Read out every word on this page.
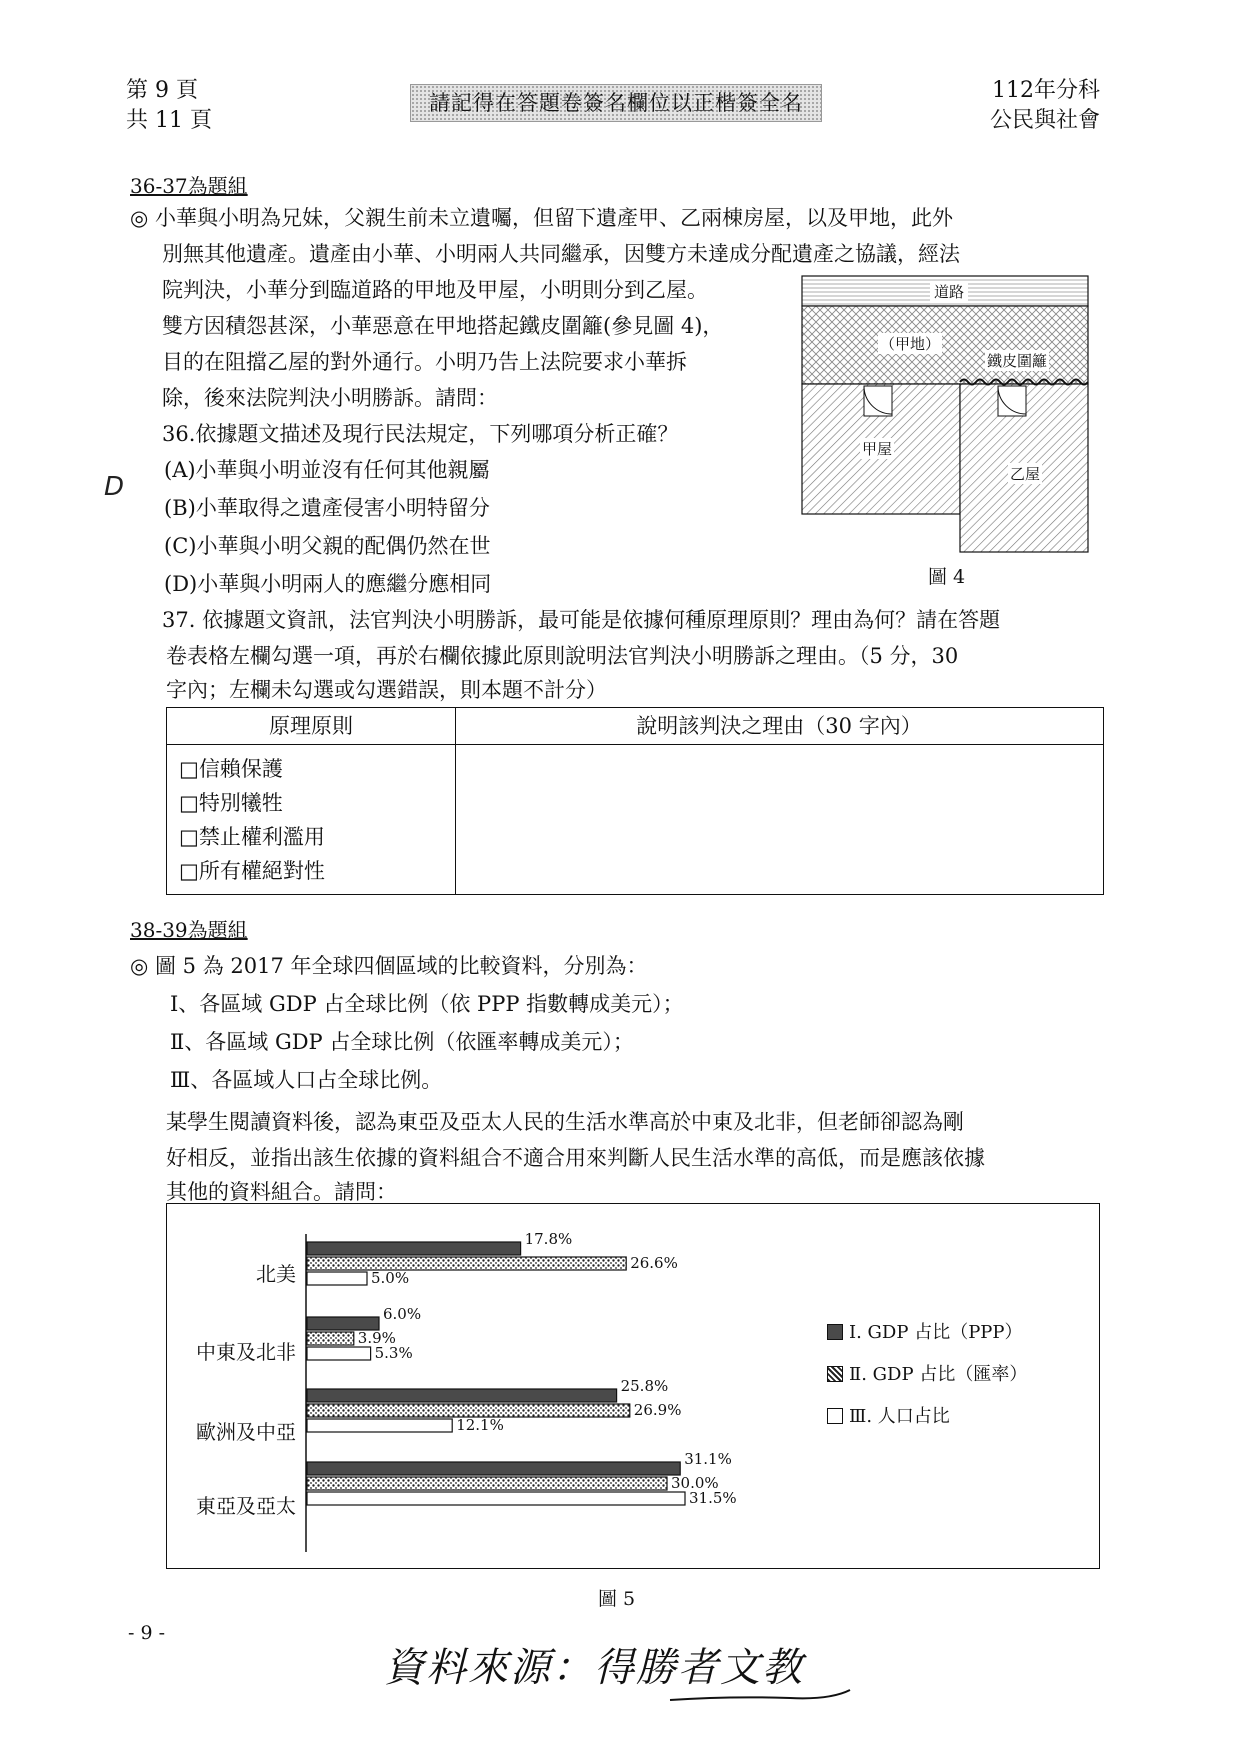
第 9 頁
共 11 頁
請記得在答題卷簽名欄位以正楷簽全名	112年分科
公民與社會
36-37為題組
◎ 小華與小明為兄妹，父親生前未立遺囑，但留下遺產甲、乙兩棟房屋，以及甲地，此外
別無其他遺產。遺產由小華、小明兩人共同繼承，因雙方未達成分配遺產之協議，經法
院判決，小華分到臨道路的甲地及甲屋，小明則分到乙屋。
雙方因積怨甚深，小華惡意在甲地搭起鐵皮圍籬(參見圖 4)，
目的在阻擋乙屋的對外通行。小明乃告上法院要求小華拆
除，後來法院判決小明勝訴。請問：
道路
（甲地）
鐵皮圍籬
甲屋
乙屋
圖 4
36.依據題文描述及現行民法規定，下列哪項分析正確？
D
(A)小華與小明並沒有任何其他親屬
(B)小華取得之遺產侵害小明特留分
(C)小華與小明父親的配偶仍然在世
(D)小華與小明兩人的應繼分應相同
37. 依據題文資訊，法官判決小明勝訴，最可能是依據何種原理原則？理由為何？請在答題
卷表格左欄勾選一項，再於右欄依據此原則說明法官判決小明勝訴之理由。（5 分，30
字內；左欄未勾選或勾選錯誤，則本題不計分）
原理原則	說明該判決之理由（30 字內）
□信賴保護
□特別犧牲
□禁止權利濫用
□所有權絕對性
38-39為題組
◎ 圖 5 為 2017 年全球四個區域的比較資料，分別為：
Ⅰ、各區域 GDP 占全球比例（依 PPP 指數轉成美元）；
Ⅱ、各區域 GDP 占全球比例（依匯率轉成美元）；
Ⅲ、各區域人口占全球比例。
某學生閱讀資料後，認為東亞及亞太人民的生活水準高於中東及北非，但老師卻認為剛
好相反，並指出該生依據的資料組合不適合用來判斷人民生活水準的高低，而是應該依據
其他的資料組合。請問：
17.8%
26.6%
5.0%
6.0%
3.9%
5.3%
25.8%
26.9%
12.1%
31.1%
30.0%
31.5%
北美
中東及北非
歐洲及中亞
東亞及亞太
Ⅰ. GDP 占比（PPP）
Ⅱ. GDP 占比（匯率）
Ⅲ. 人口占比
圖 5
- 9 -
資料來源：得勝者文教
